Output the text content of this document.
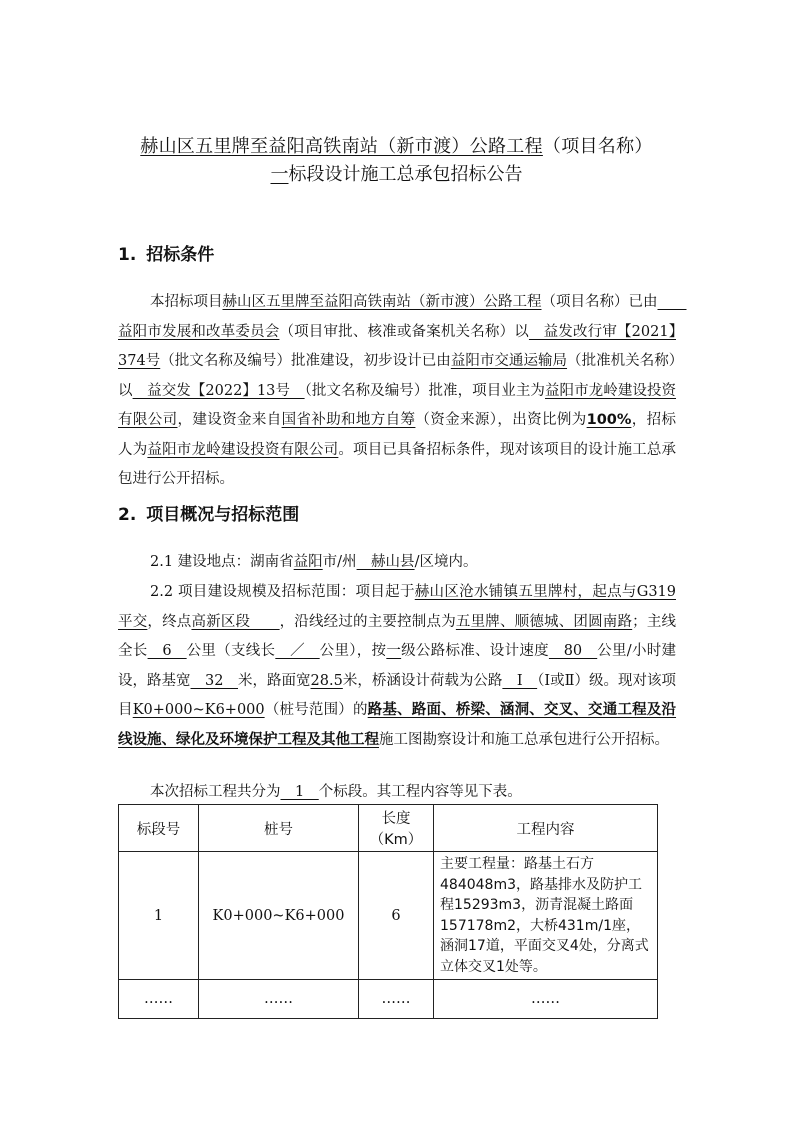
赫山区五里牌至益阳高铁南站（新市渡）公路工程（项目名称）
一标段设计施工总承包招标公告
1. 招标条件
本招标项目赫山区五里牌至益阳高铁南站（新市渡）公路工程（项目名称）已由　　益阳市发展和改革委员会（项目审批、核准或备案机关名称）以　益发改行审【2021】374号（批文名称及编号）批准建设，初步设计已由益阳市交通运输局（批准机关名称）以　益交发【2022】13号　（批文名称及编号）批准，项目业主为益阳市龙岭建设投资有限公司，建设资金来自国省补助和地方自筹（资金来源），出资比例为100%，招标人为益阳市龙岭建设投资有限公司。项目已具备招标条件，现对该项目的设计施工总承包进行公开招标。
2. 项目概况与招标范围
2.1 建设地点：湖南省益阳市/州　赫山县/区境内。
2.2 项目建设规模及招标范围：项目起于赫山区沧水铺镇五里牌村，起点与G319平交，终点高新区段　　，沿线经过的主要控制点为五里牌、顺德城、团圆南路；主线全长　6　公里（支线长　／　公里），按一级公路标准、设计速度　80　公里/小时建设，路基宽　32　米，路面宽28.5米，桥涵设计荷载为公路　Ⅰ　（Ⅰ或Ⅱ）级。现对该项目K0+000~K6+000（桩号范围）的路基、路面、桥梁、涵洞、交叉、交通工程及沿线设施、绿化及环境保护工程及其他工程施工图勘察设计和施工总承包进行公开招标。
本次招标工程共分为　1　个标段。其工程内容等见下表。
标段号	桩号	长度（Km）	工程内容
1	K0+000~K6+000	6	主要工程量：路基土石方484048m3，路基排水及防护工程15293m3，沥青混凝土路面157178m2，大桥431m/1座，涵洞17道，平面交叉4处，分离式立体交叉1处等。
……	……	……	……
